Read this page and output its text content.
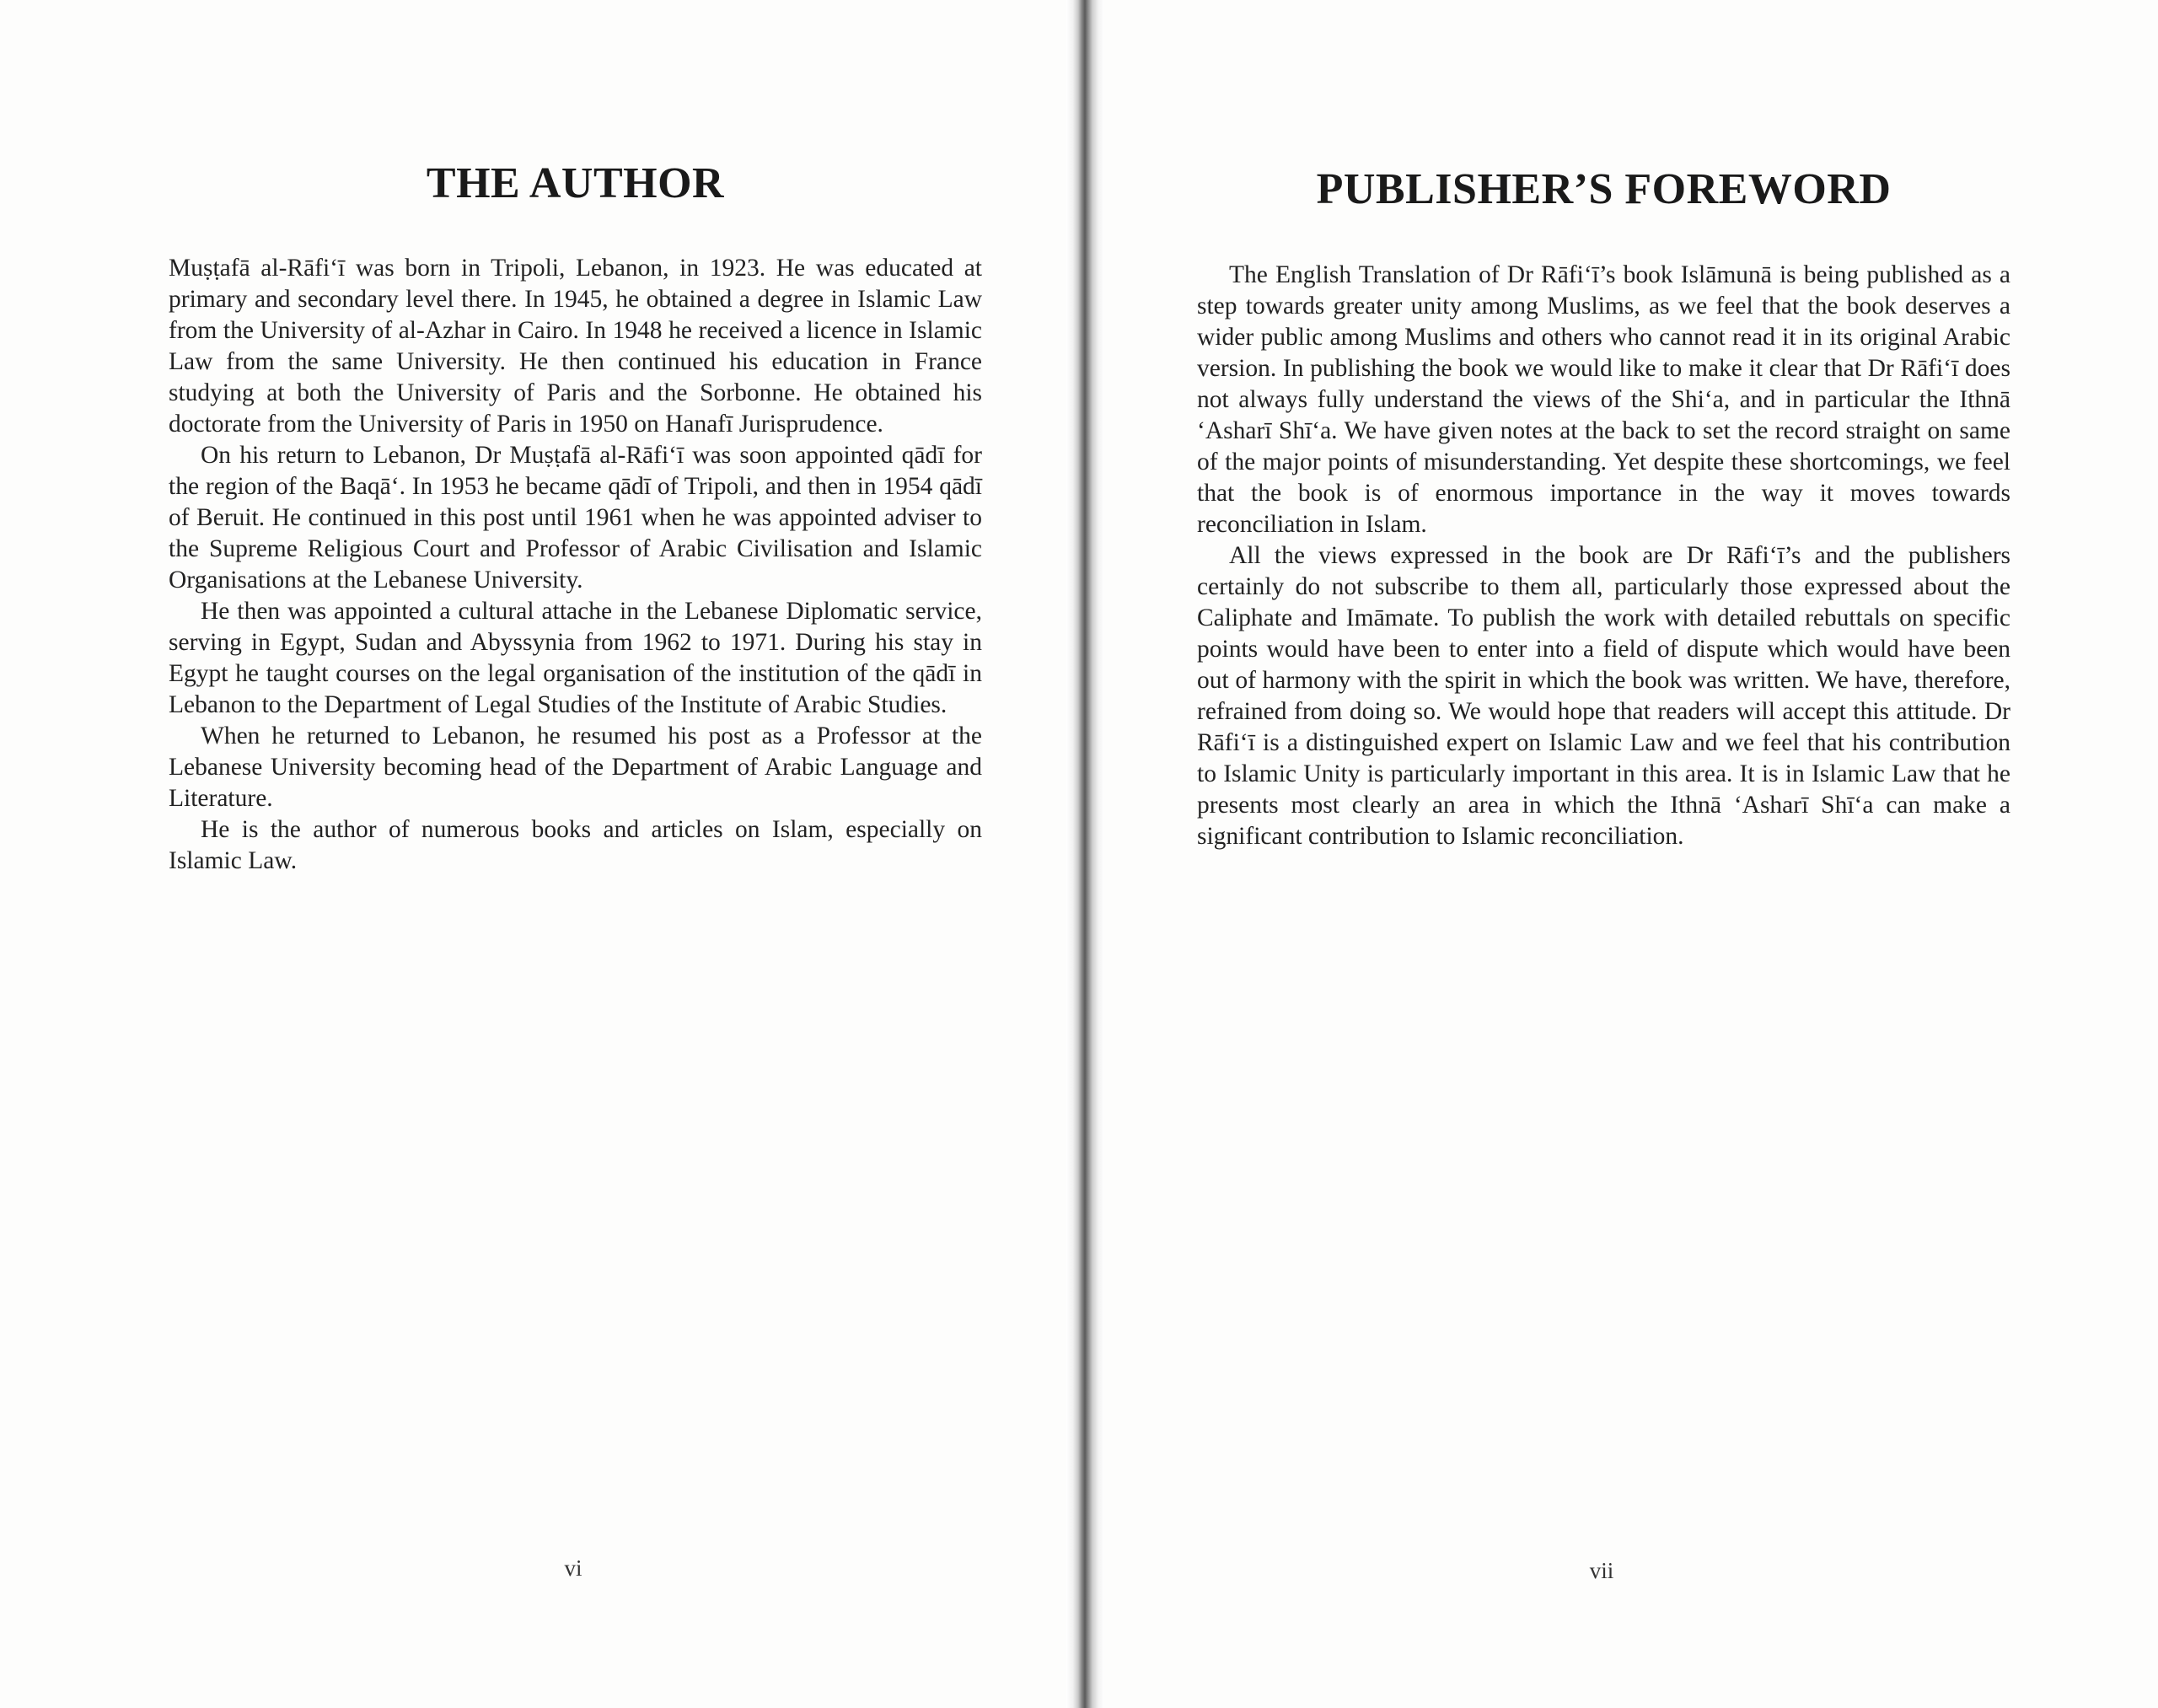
THE AUTHOR

Muṣṭafā al-Rāfi‘ī was born in Tripoli, Lebanon, in 1923. He was educated at primary and secondary level there. In 1945, he obtained a degree in Islamic Law from the University of al-Azhar in Cairo. In 1948 he received a licence in Islamic Law from the same University. He then continued his education in France studying at both the University of Paris and the Sorbonne. He obtained his doctorate from the University of Paris in 1950 on Hanafī Jurisprudence.

On his return to Lebanon, Dr Muṣṭafā al-Rāfi‘ī was soon appointed qādī for the region of the Baqā‘. In 1953 he became qādī of Tripoli, and then in 1954 qādī of Beruit. He continued in this post until 1961 when he was appointed adviser to the Supreme Religious Court and Professor of Arabic Civilisation and Islamic Organisations at the Lebanese University.

He then was appointed a cultural attache in the Lebanese Diplomatic service, serving in Egypt, Sudan and Abyssynia from 1962 to 1971. During his stay in Egypt he taught courses on the legal organisation of the institution of the qādī in Lebanon to the Department of Legal Studies of the Institute of Arabic Studies.

When he returned to Lebanon, he resumed his post as a Professor at the Lebanese University becoming head of the Department of Arabic Language and Literature.

He is the author of numerous books and articles on Islam, especially on Islamic Law.

vi
PUBLISHER’S FOREWORD

The English Translation of Dr Rāfi‘ī’s book Islāmunā is being published as a step towards greater unity among Muslims, as we feel that the book deserves a wider public among Muslims and others who cannot read it in its original Arabic version. In publishing the book we would like to make it clear that Dr Rāfi‘ī does not always fully understand the views of the Shi‘a, and in particular the Ithnā ‘Asharī Shī‘a. We have given notes at the back to set the record straight on same of the major points of misunderstanding. Yet despite these shortcomings, we feel that the book is of enormous importance in the way it moves towards reconciliation in Islam.

All the views expressed in the book are Dr Rāfi‘ī’s and the publishers certainly do not subscribe to them all, particularly those expressed about the Caliphate and Imāmate. To publish the work with detailed rebuttals on specific points would have been to enter into a field of dispute which would have been out of harmony with the spirit in which the book was written. We have, therefore, refrained from doing so. We would hope that readers will accept this attitude. Dr Rāfi‘ī is a distinguished expert on Islamic Law and we feel that his contribution to Islamic Unity is particularly important in this area. It is in Islamic Law that he presents most clearly an area in which the Ithnā ‘Asharī Shī‘a can make a significant contribution to Islamic reconciliation.

vii
